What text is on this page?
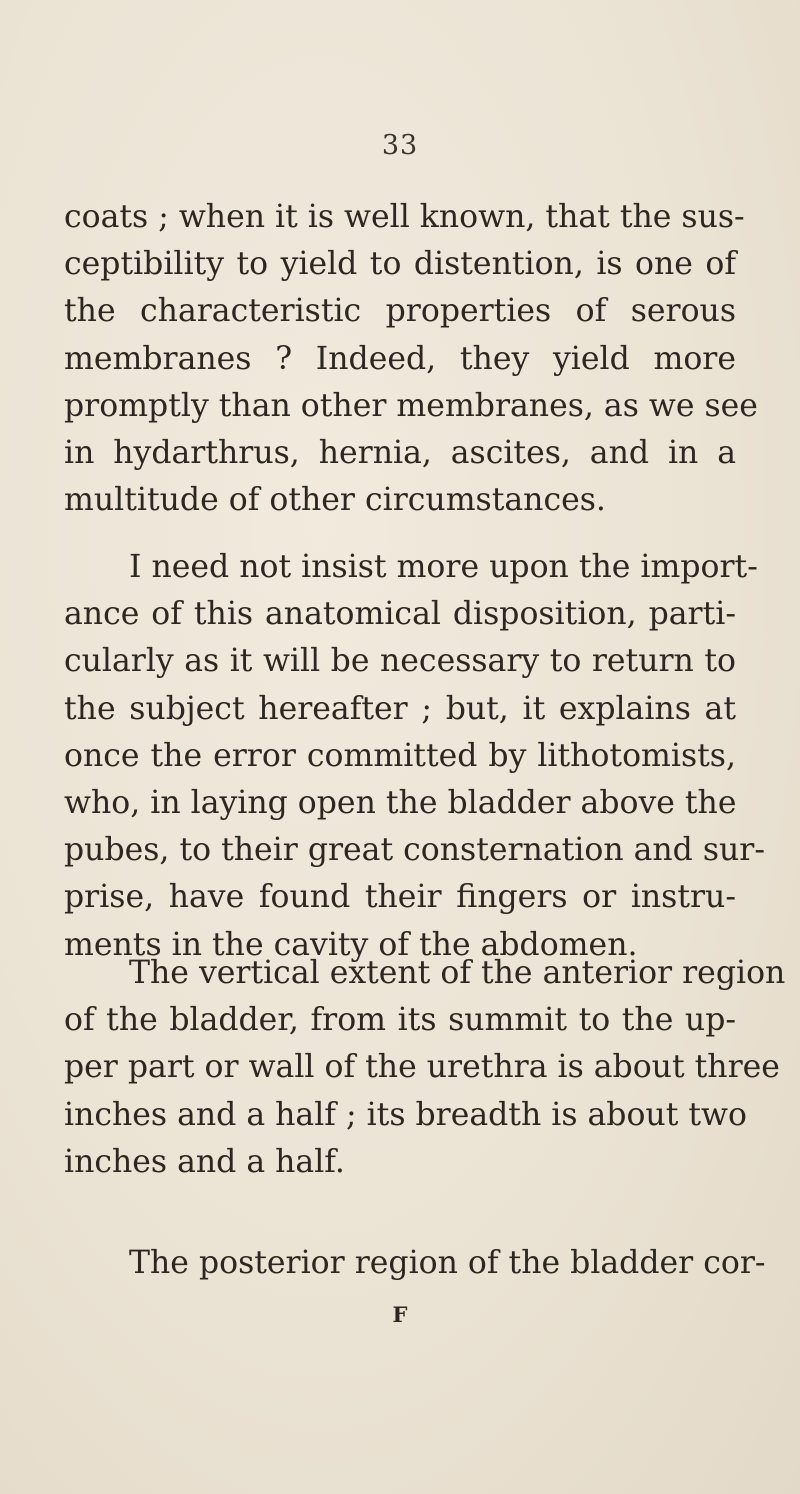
33
coats ; when it is well known, that the sus-
ceptibility to yield to distention, is one of
the characteristic properties of serous
membranes ? Indeed, they yield more
promptly than other membranes, as we see
in hydarthrus, hernia, ascites, and in a
multitude of other circumstances.
I need not insist more upon the import-
ance of this anatomical disposition, parti-
cularly as it will be necessary to return to
the subject hereafter ; but, it explains at
once the error committed by lithotomists,
who, in laying open the bladder above the
pubes, to their great consternation and sur-
prise, have found their fingers or instru-
ments in the cavity of the abdomen.
The vertical extent of the anterior region
of the bladder, from its summit to the up-
per part or wall of the urethra is about three
inches and a half ; its breadth is about two
inches and a half.
The posterior region of the bladder cor-
F
